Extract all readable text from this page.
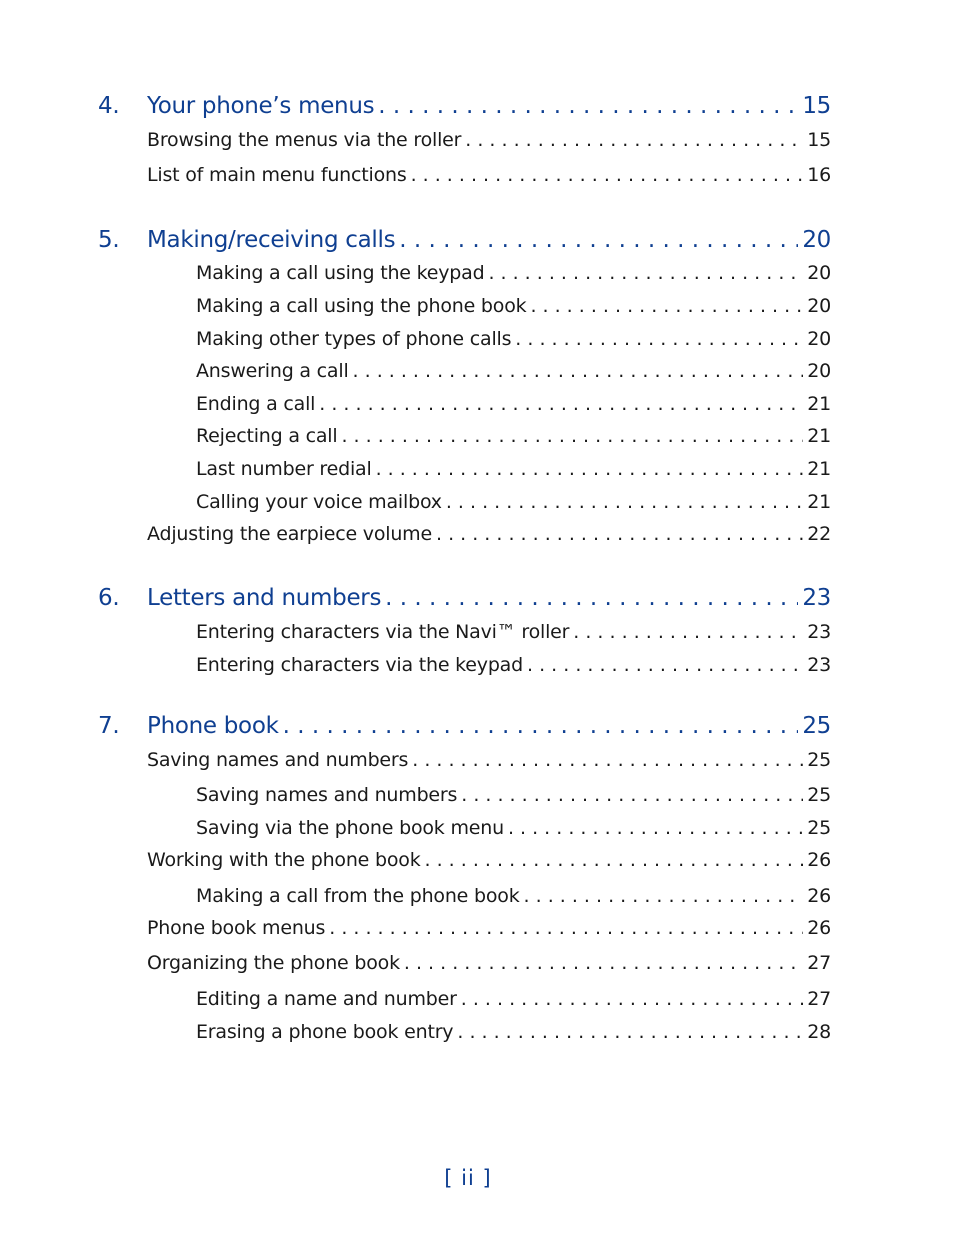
4.	Your phone’s menus . . .	15
Browsing the menus via the roller . . .	15
List of main menu functions . . .	16
5.	Making/receiving calls . . .	20
Making a call using the keypad . . .	20
Making a call using the phone book . . .	20
Making other types of phone calls . . .	20
Answering a call . . .	20
Ending a call . . .	21
Rejecting a call . . .	21
Last number redial . . .	21
Calling your voice mailbox . . .	21
Adjusting the earpiece volume . . .	22
6.	Letters and numbers . . .	23
Entering characters via the Navi™ roller . . .	23
Entering characters via the keypad . . .	23
7.	Phone book . . .	25
Saving names and numbers . . .	25
Saving names and numbers . . .	25
Saving via the phone book menu . . .	25
Working with the phone book . . .	26
Making a call from the phone book . . .	26
Phone book menus . . .	26
Organizing the phone book . . .	27
Editing a name and number . . .	27
Erasing a phone book entry . . .	28
[ ii ]
